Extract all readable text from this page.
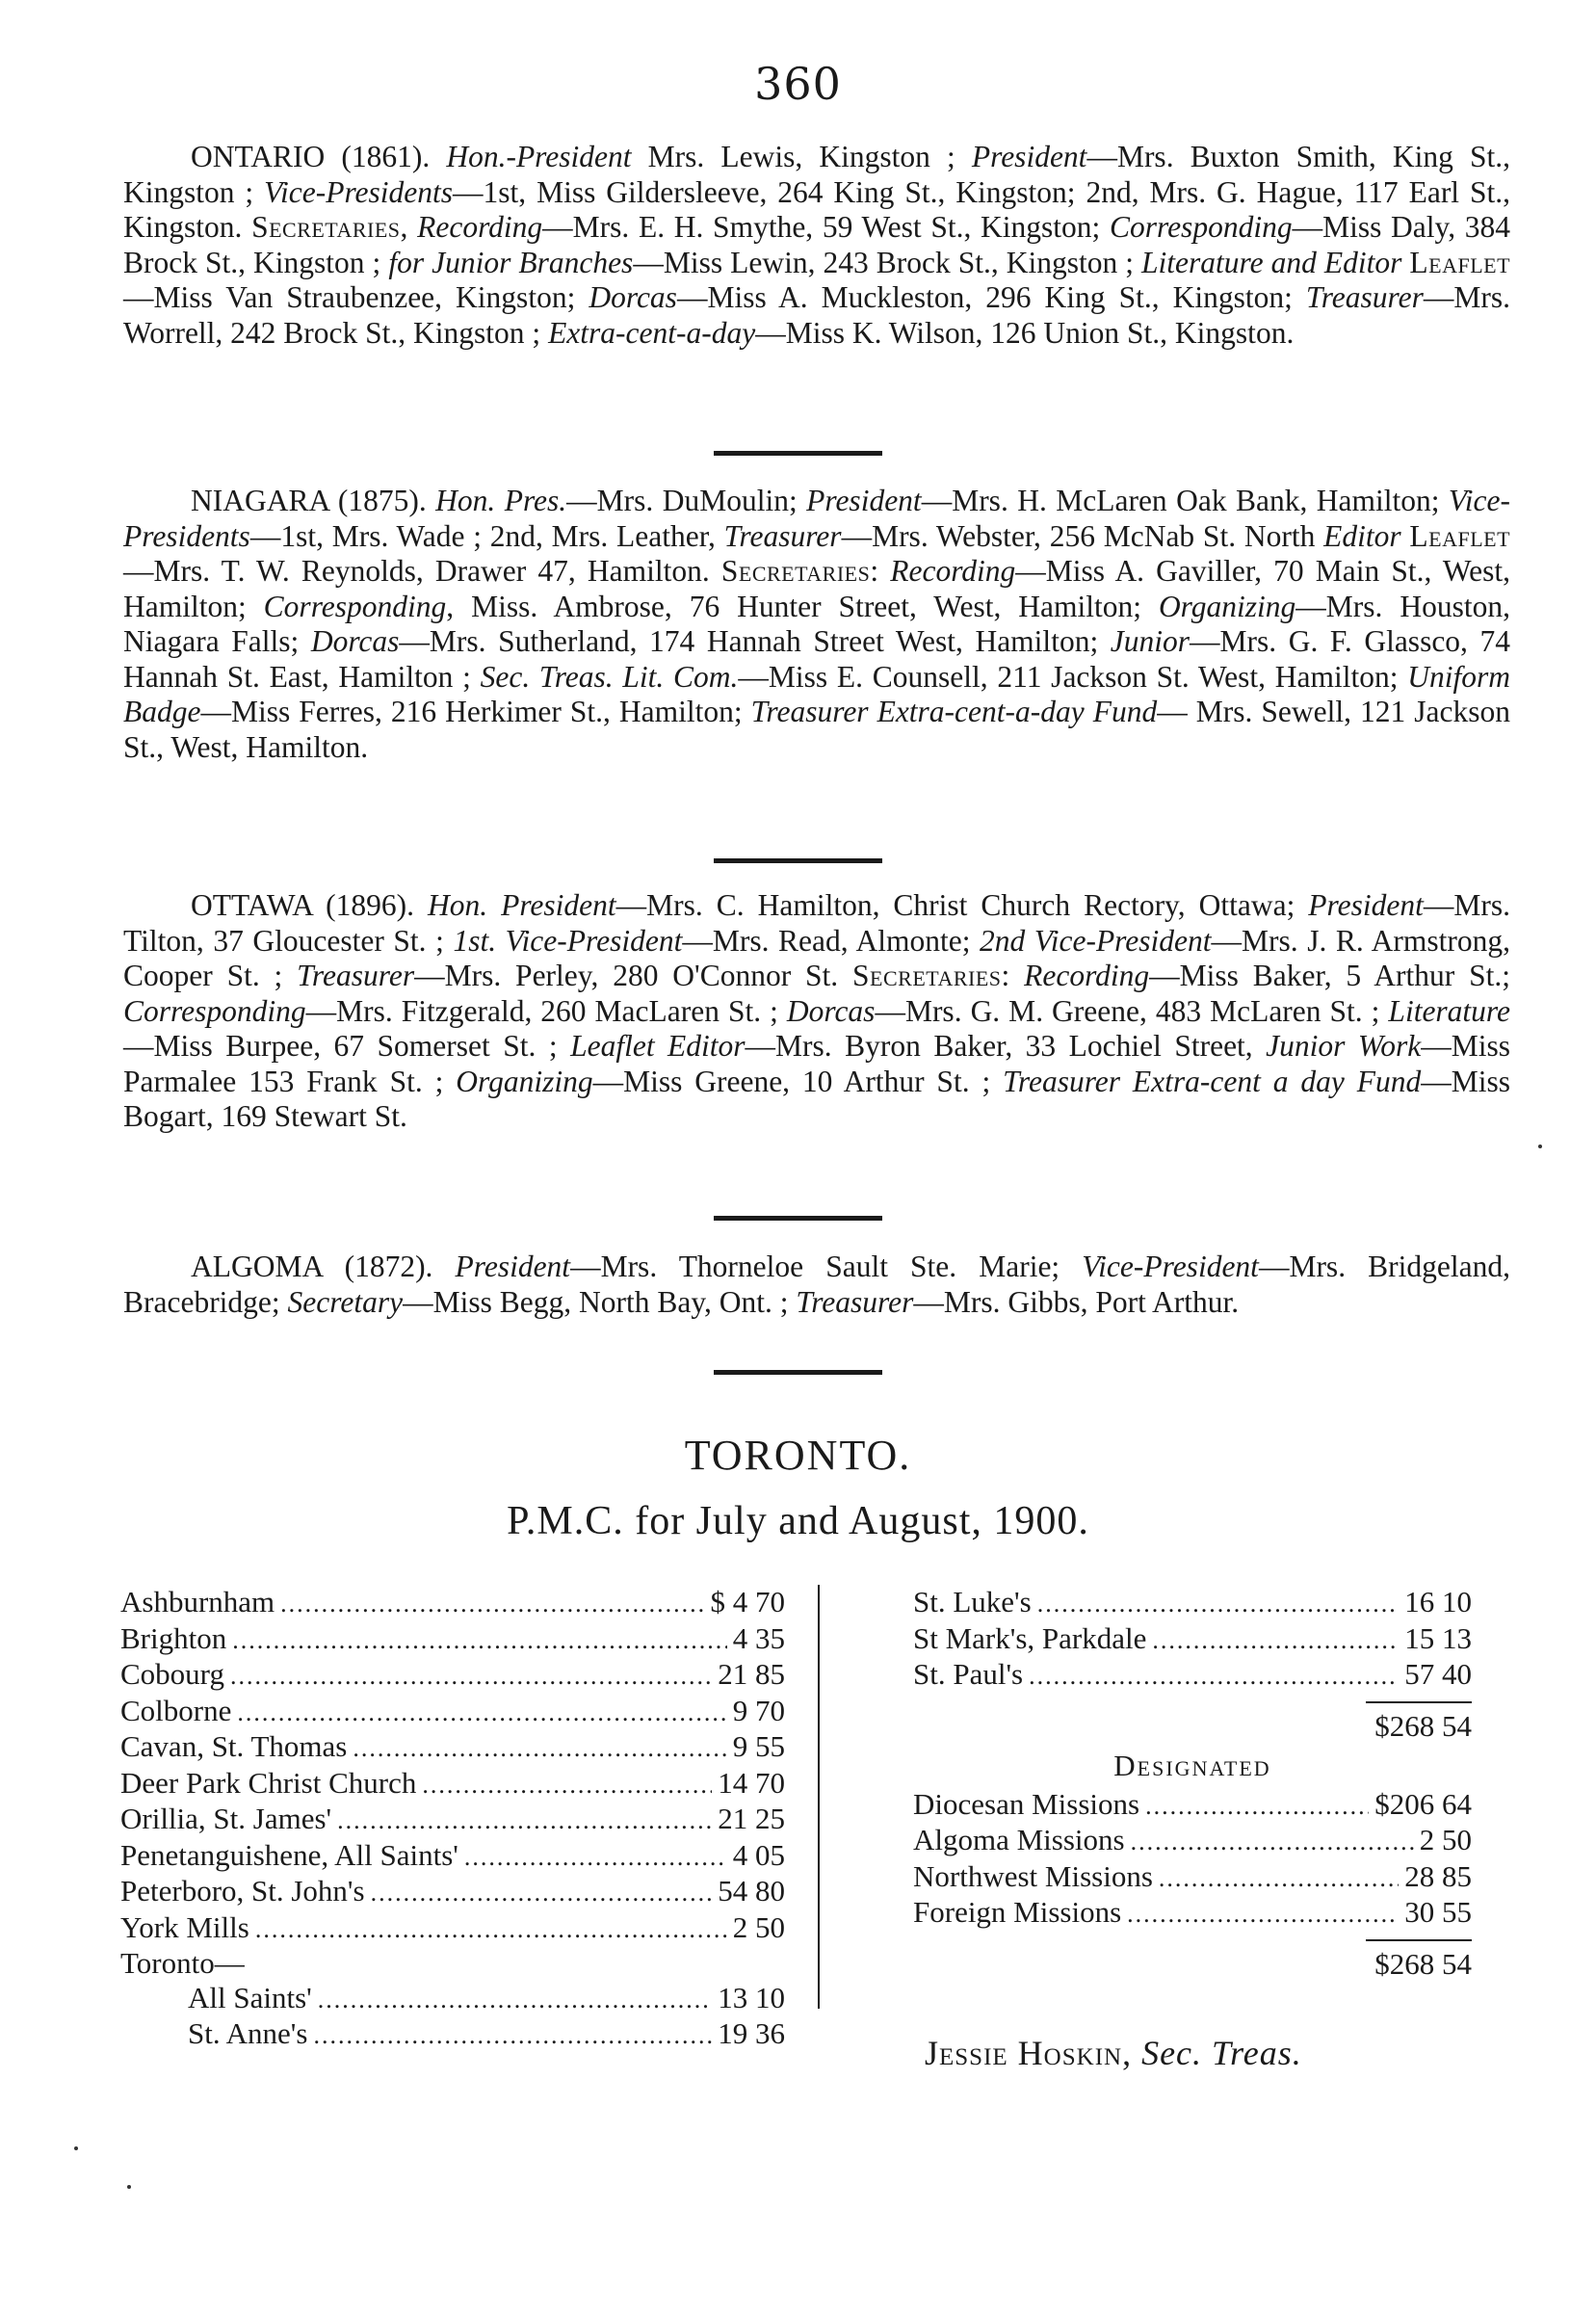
360
ONTARIO (1861). Hon.-President Mrs. Lewis, Kingston ; President—Mrs. Buxton Smith, King St., Kingston ; Vice-Presidents—1st, Miss Gildersleeve, 264 King St., Kingston; 2nd, Mrs. G. Hague, 117 Earl St., Kingston. Secretaries, Recording—Mrs. E. H. Smythe, 59 West St., Kingston; Corresponding—Miss Daly, 384 Brock St., Kingston ; for Junior Branches—Miss Lewin, 243 Brock St., Kingston ; Literature and Editor Leaflet—Miss Van Straubenzee, Kingston; Dorcas—Miss A. Muckleston, 296 King St., Kingston; Treasurer—Mrs. Worrell, 242 Brock St., Kingston ; Extra-cent-a-day—Miss K. Wilson, 126 Union St., Kingston.
NIAGARA (1875). Hon. Pres.—Mrs. DuMoulin; President—Mrs. H. McLaren Oak Bank, Hamilton; Vice-Presidents—1st, Mrs. Wade ; 2nd, Mrs. Leather, Treasurer—Mrs. Webster, 256 McNab St. North Editor Leaflet—Mrs. T. W. Reynolds, Drawer 47, Hamilton. Secretaries: Recording—Miss A. Gaviller, 70 Main St., West, Hamilton; Corresponding, Miss. Ambrose, 76 Hunter Street, West, Hamilton; Organizing—Mrs. Houston, Niagara Falls; Dorcas—Mrs. Sutherland, 174 Hannah Street West, Hamilton; Junior—Mrs. G. F. Glassco, 74 Hannah St. East, Hamilton ; Sec. Treas. Lit. Com.—Miss E. Counsell, 211 Jackson St. West, Hamilton; Uniform Badge—Miss Ferres, 216 Herkimer St., Hamilton; Treasurer Extra-cent-a-day Fund— Mrs. Sewell, 121 Jackson St., West, Hamilton.
OTTAWA (1896). Hon. President—Mrs. C. Hamilton, Christ Church Rectory, Ottawa; President—Mrs. Tilton, 37 Gloucester St. ; 1st. Vice-President—Mrs. Read, Almonte; 2nd Vice-President—Mrs. J. R. Armstrong, Cooper St. ; Treasurer—Mrs. Perley, 280 O'Connor St. Secretaries: Recording—Miss Baker, 5 Arthur St.; Corresponding—Mrs. Fitzgerald, 260 MacLaren St. ; Dorcas—Mrs. G. M. Greene, 483 McLaren St. ; Literature—Miss Burpee, 67 Somerset St. ; Leaflet Editor—Mrs. Byron Baker, 33 Lochiel Street, Junior Work—Miss Parmalee 153 Frank St. ; Organizing—Miss Greene, 10 Arthur St. ; Treasurer Extra-cent a day Fund—Miss Bogart, 169 Stewart St.
ALGOMA (1872). President—Mrs. Thorneloe Sault Ste. Marie; Vice-President—Mrs. Bridgeland, Bracebridge; Secretary—Miss Begg, North Bay, Ont. ; Treasurer—Mrs. Gibbs, Port Arthur.
TORONTO.
P.M.C. for July and August, 1900.
Ashburnham .....	$ 4 70
Brighton .....	4 35
Cobourg .....	21 85
Colborne .....	9 70
Cavan, St. Thomas .....	9 55
Deer Park Christ Church .....	14 70
Orillia, St. James' .....	21 25
Penetanguishene, All Saints' .....	4 05
Peterboro, St. John's .....	54 80
York Mills .....	2 50
Toronto—
All Saints' .....	13 10
St. Anne's .....	19 36
St. Luke's .....	16 10
St Mark's, Parkdale .....	15 13
St. Paul's .....	57 40
$268 54
Designated
Diocesan Missions .....	$206 64
Algoma Missions .....	2 50
Northwest Missions .....	28 85
Foreign Missions .....	30 55
$268 54
Jessie Hoskin, Sec. Treas.
